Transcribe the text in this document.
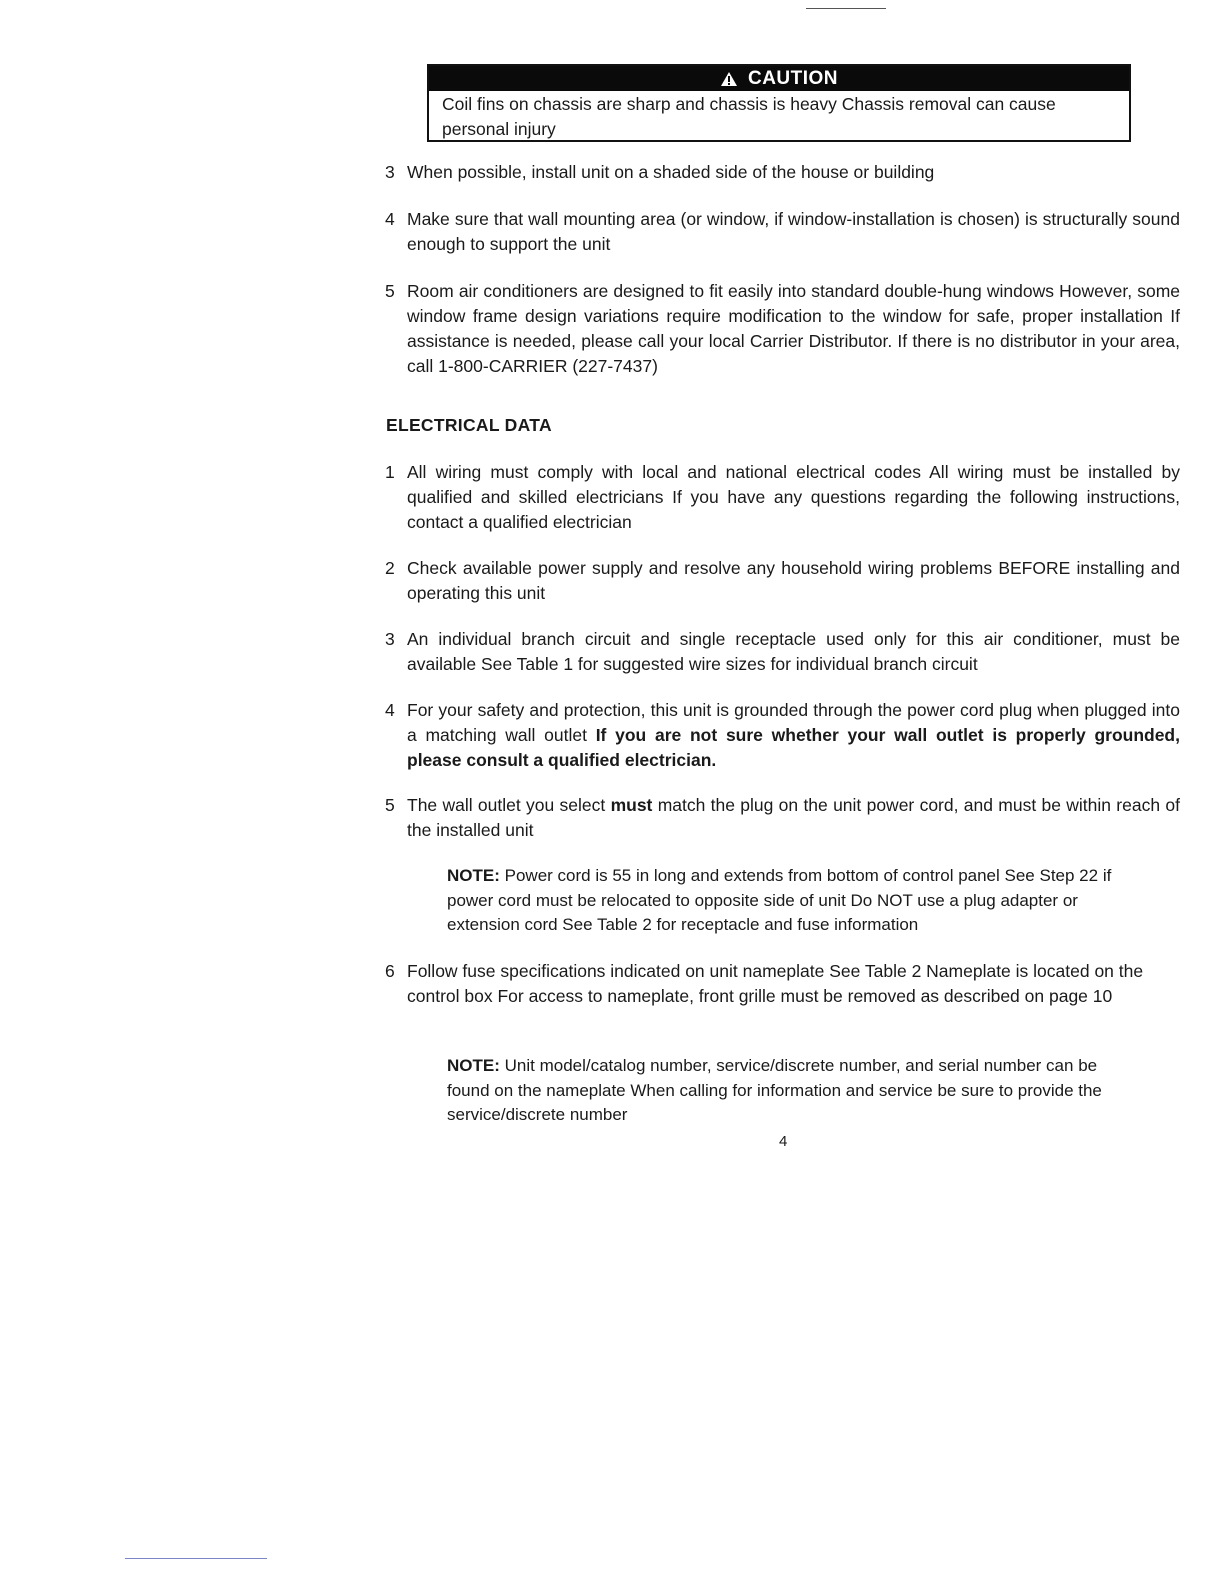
CAUTION
Coil fins on chassis are sharp and chassis is heavy Chassis removal can cause personal injury
3 When possible, install unit on a shaded side of the house or building
4 Make sure that wall mounting area (or window, if window-installation is chosen) is structurally sound enough to support the unit
5 Room air conditioners are designed to fit easily into standard double-hung windows However, some window frame design variations require modification to the window for safe, proper installation If assistance is needed, please call your local Carrier Distributor. If there is no distributor in your area, call 1-800-CARRIER (227-7437)
ELECTRICAL DATA
1 All wiring must comply with local and national electrical codes All wiring must be installed by qualified and skilled electricians If you have any questions regarding the following instructions, contact a qualified electrician
2 Check available power supply and resolve any household wiring problems BEFORE installing and operating this unit
3 An individual branch circuit and single receptacle used only for this air conditioner, must be available See Table 1 for suggested wire sizes for individual branch circuit
4 For your safety and protection, this unit is grounded through the power cord plug when plugged into a matching wall outlet If you are not sure whether your wall outlet is properly grounded, please consult a qualified electrician.
5 The wall outlet you select must match the plug on the unit power cord, and must be within reach of the installed unit
NOTE: Power cord is 55 in long and extends from bottom of control panel See Step 22 if power cord must be relocated to opposite side of unit Do NOT use a plug adapter or extension cord See Table 2 for receptacle and fuse information
6 Follow fuse specifications indicated on unit nameplate See Table 2 Nameplate is located on the control box For access to nameplate, front grille must be removed as described on page 10
NOTE: Unit model/catalog number, service/discrete number, and serial number can be found on the nameplate When calling for information and service be sure to provide the service/discrete number
4
